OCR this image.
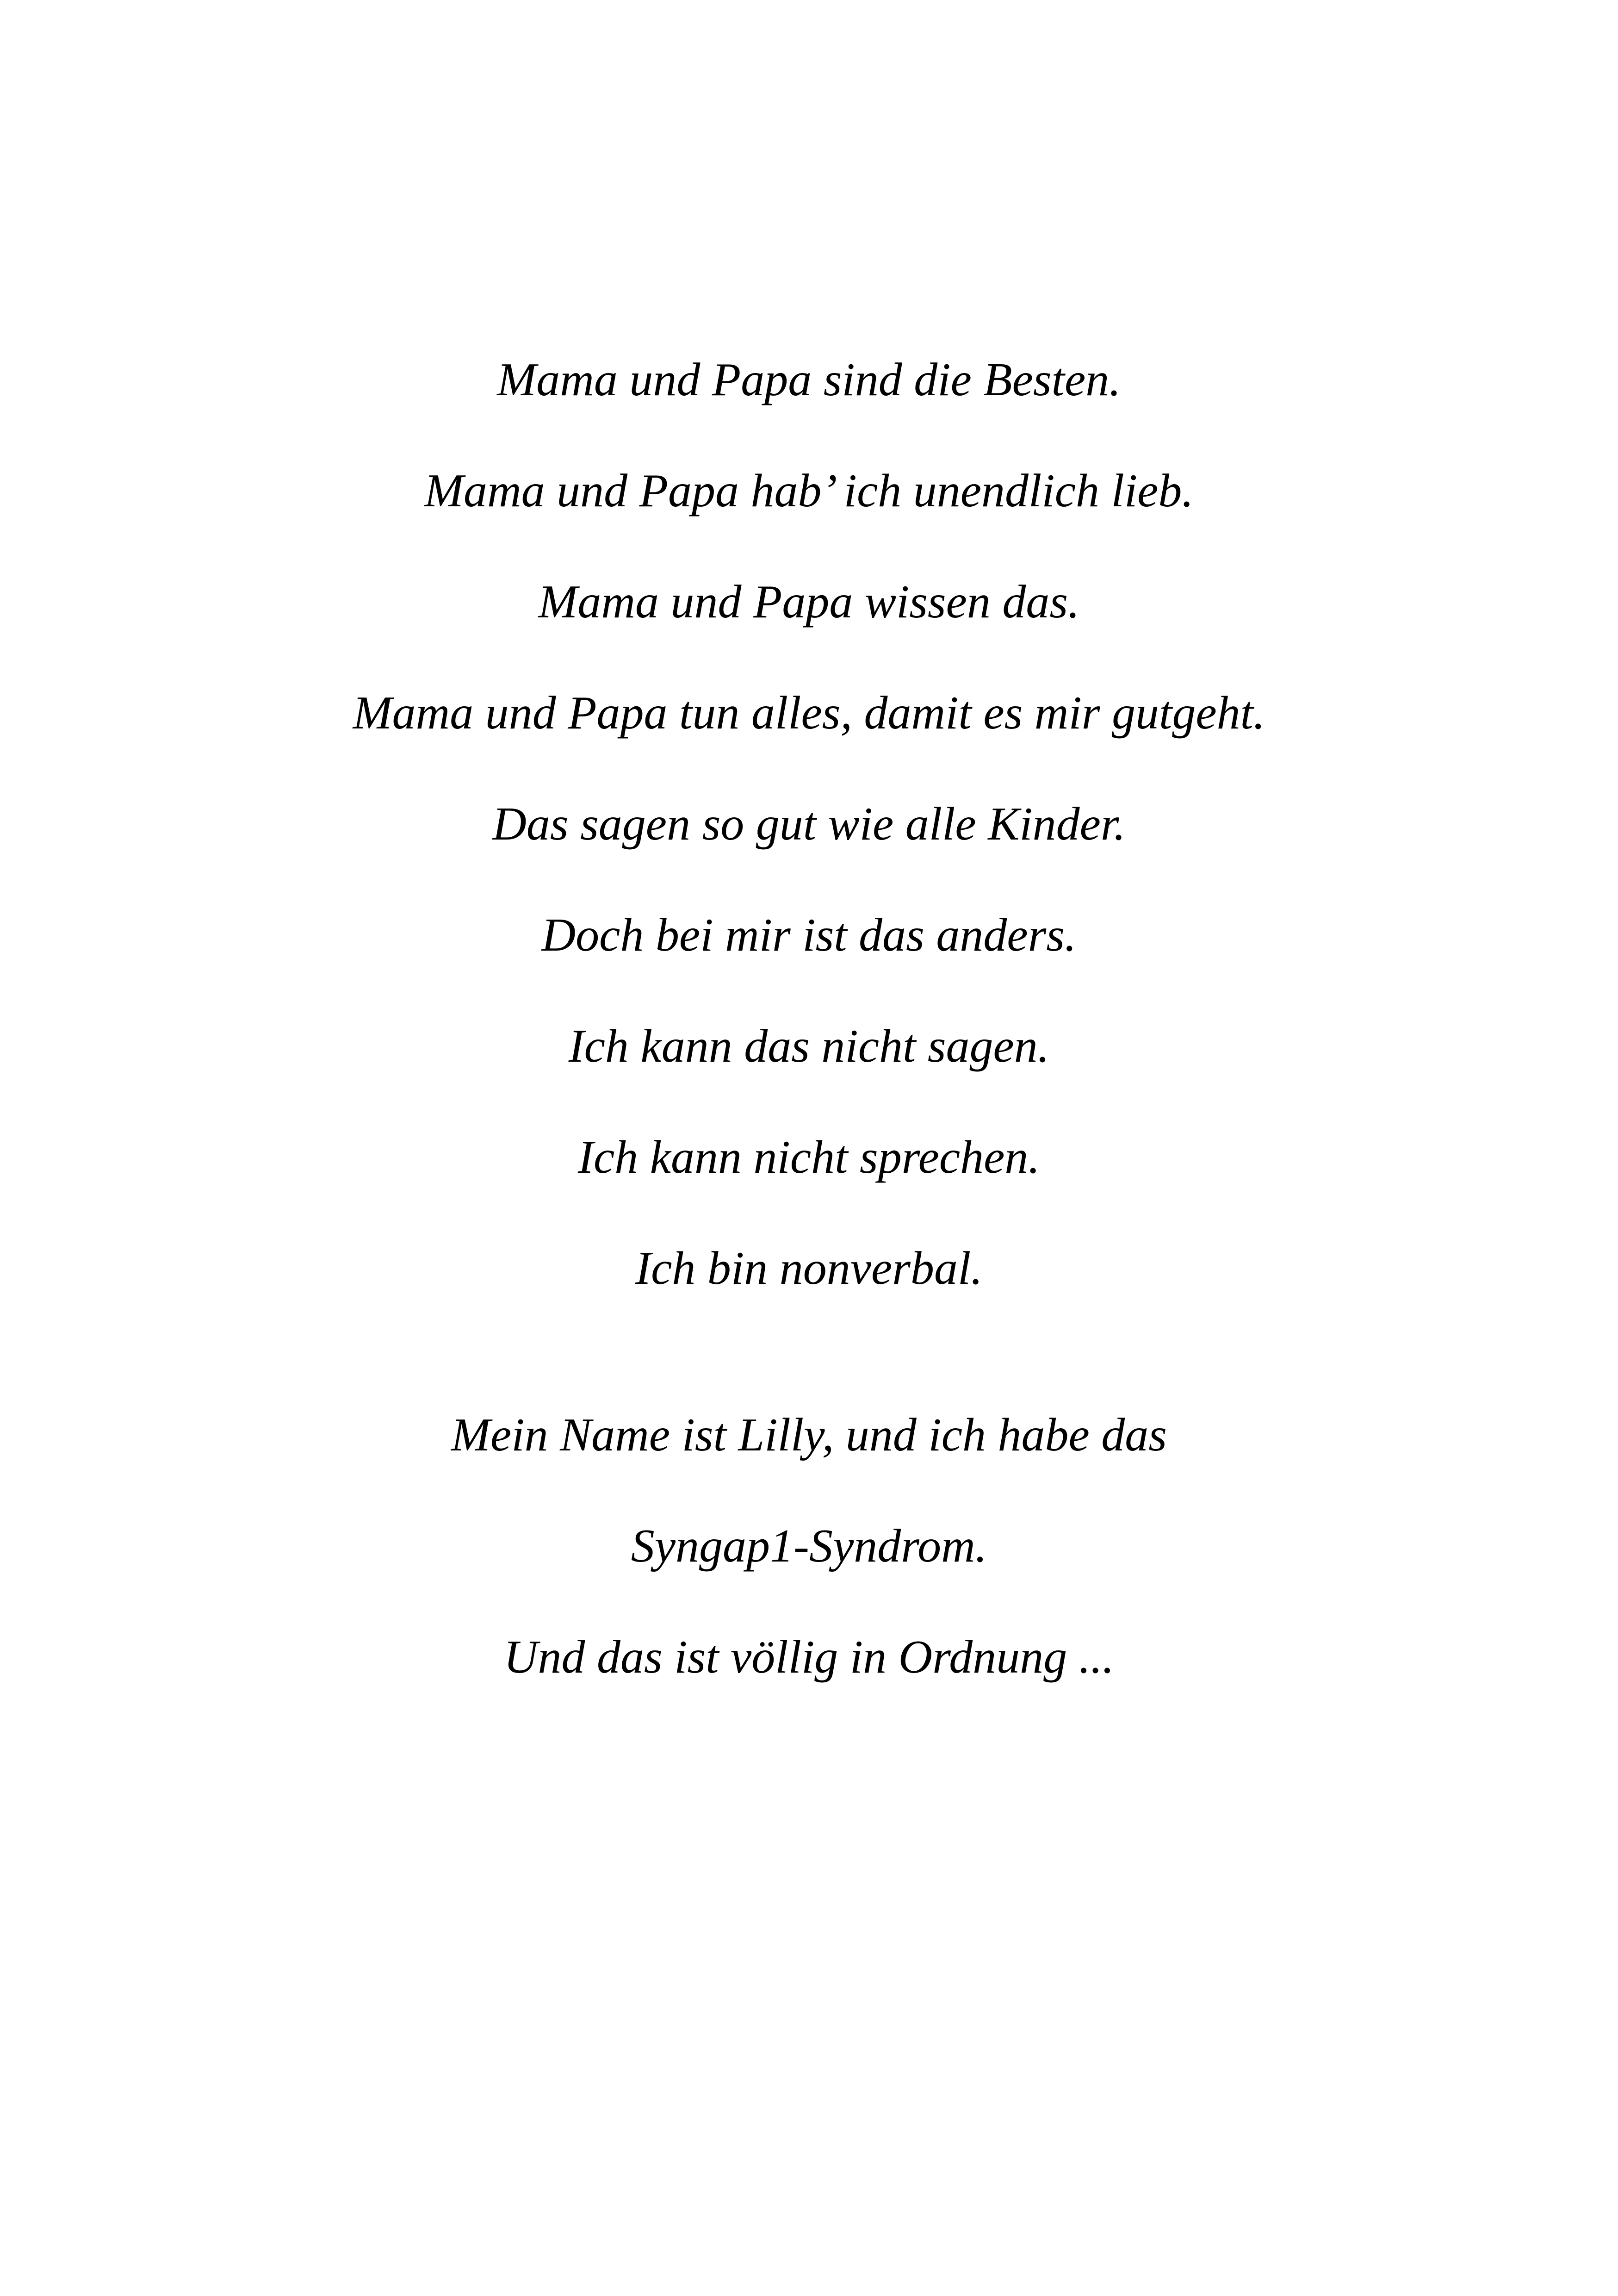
Mama und Papa sind die Besten.

Mama und Papa hab’ ich unendlich lieb.

Mama und Papa wissen das.

Mama und Papa tun alles, damit es mir gutgeht.

Das sagen so gut wie alle Kinder.

Doch bei mir ist das anders.

Ich kann das nicht sagen.

Ich kann nicht sprechen.

Ich bin nonverbal.

Mein Name ist Lilly, und ich habe das

Syngap1-Syndrom.

Und das ist völlig in Ordnung ...
